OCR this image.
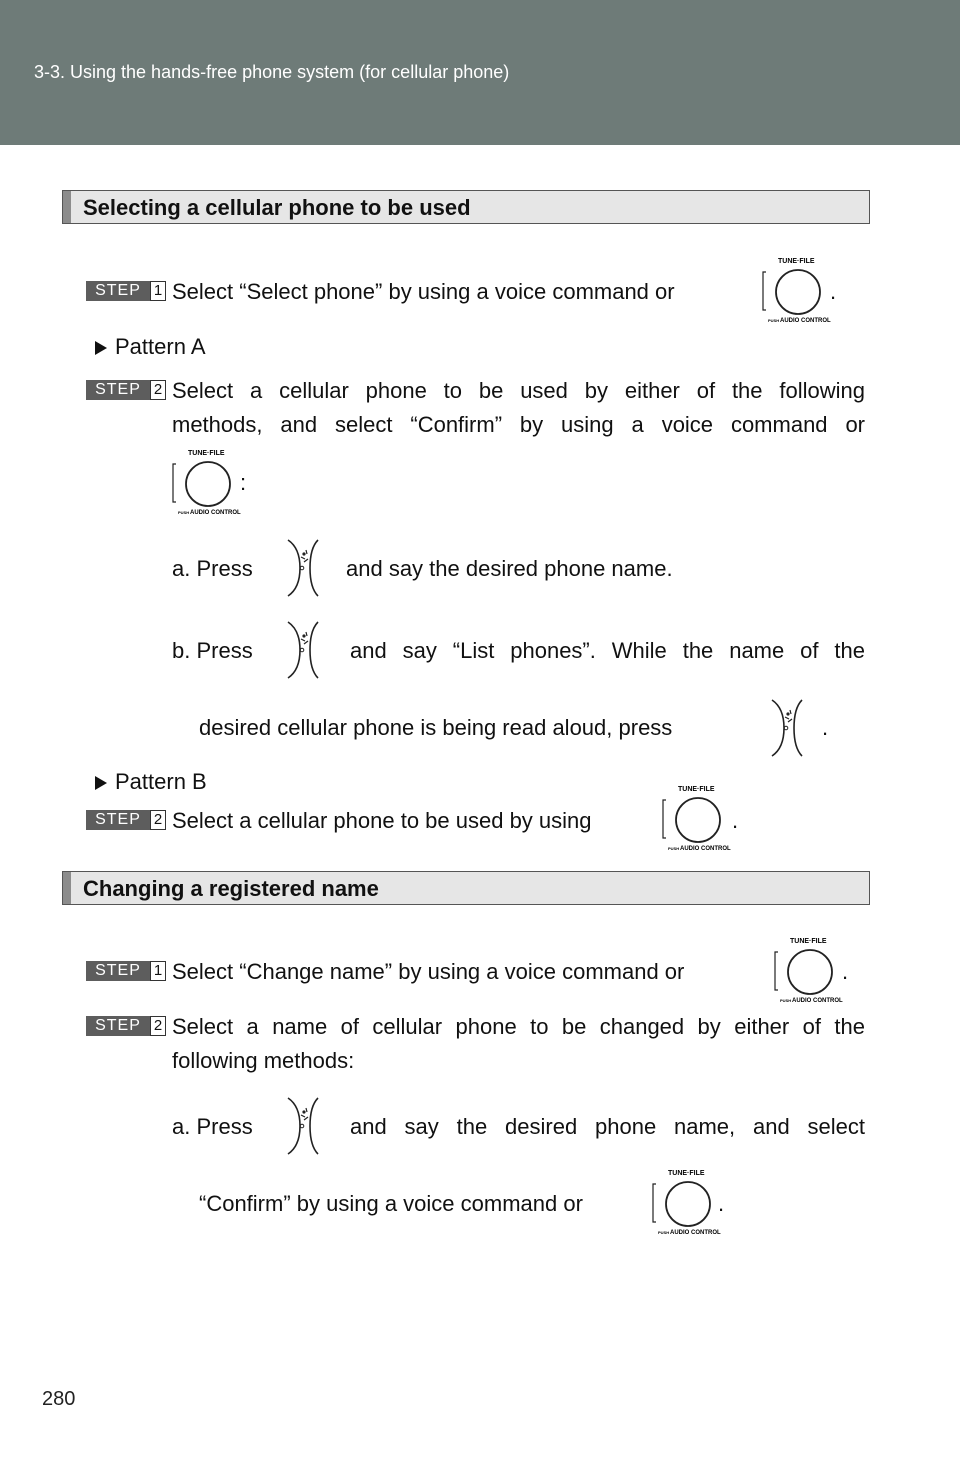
3-3. Using the hands-free phone system (for cellular phone)
Selecting a cellular phone to be used
STEP 1 Select “Select phone” by using a voice command or
TUNE·FILE
PUSH AUDIO CONTROL
.
Pattern A
STEP 2 Select a cellular phone to be used by either of the following
methods, and select “Confirm” by using a voice command or
TUNE·FILE
PUSH AUDIO CONTROL
:
a. Press	and say the desired phone name.
b. Press	and say “List phones”. While the name of the
desired cellular phone is being read aloud, press	.
Pattern B
STEP 2 Select a cellular phone to be used by using
TUNE·FILE
PUSH AUDIO CONTROL
.
Changing a registered name
STEP 1 Select “Change name” by using a voice command or
TUNE·FILE
PUSH AUDIO CONTROL
.
STEP 2 Select a name of cellular phone to be changed by either of the
following methods:
a. Press	and say the desired phone name, and select
“Confirm” by using a voice command or
TUNE·FILE
PUSH AUDIO CONTROL
.
280
